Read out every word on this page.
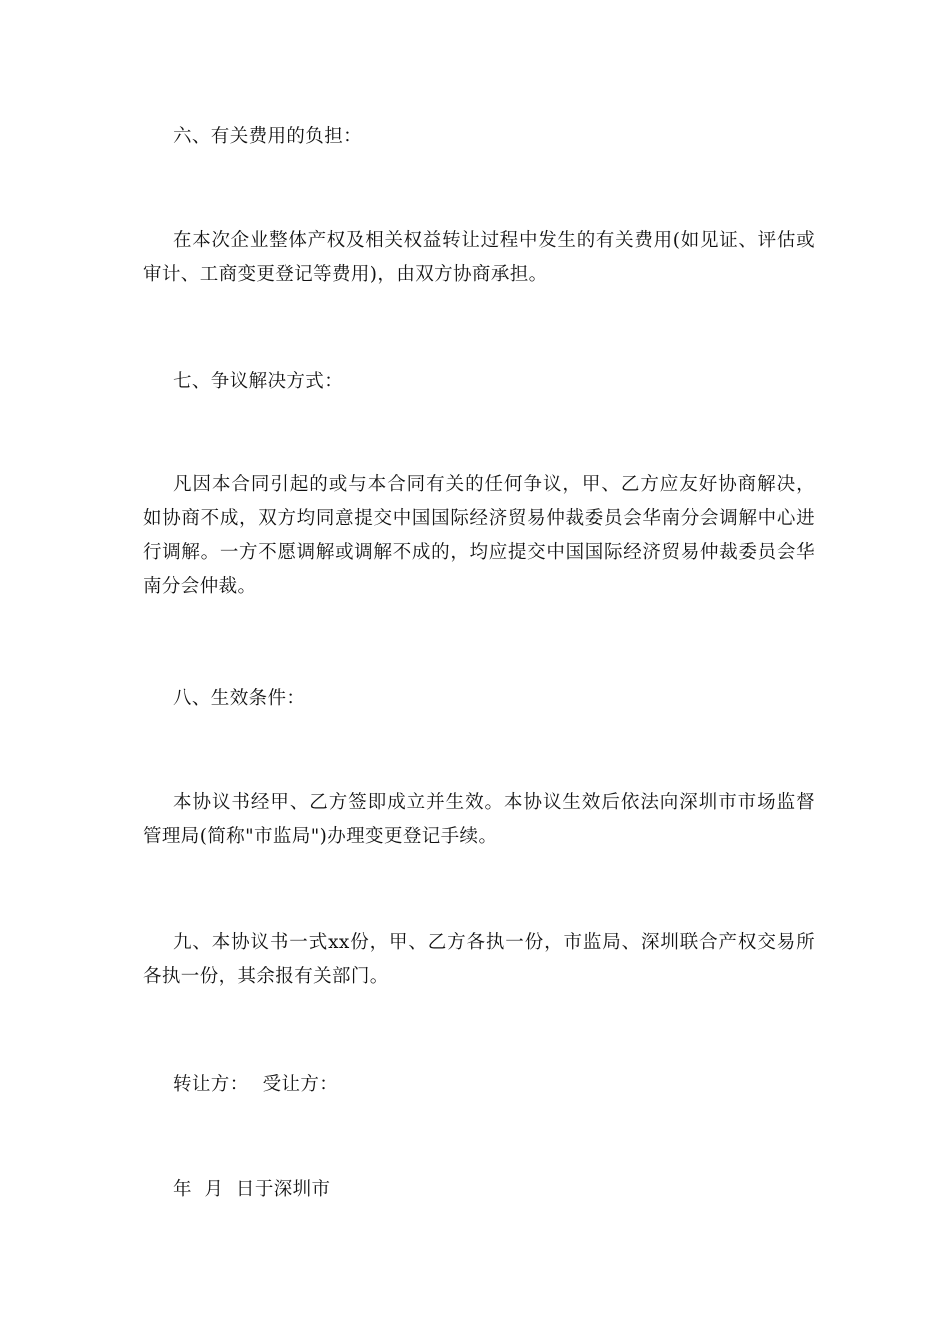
六、有关费用的负担：

在本次企业整体产权及相关权益转让过程中发生的有关费用(如见证、评估或审计、工商变更登记等费用)，由双方协商承担。

七、争议解决方式：

凡因本合同引起的或与本合同有关的任何争议，甲、乙方应友好协商解决，如协商不成，双方均同意提交中国国际经济贸易仲裁委员会华南分会调解中心进行调解。一方不愿调解或调解不成的，均应提交中国国际经济贸易仲裁委员会华南分会仲裁。

八、生效条件：

本协议书经甲、乙方签即成立并生效。本协议生效后依法向深圳市市场监督管理局(简称"市监局")办理变更登记手续。

九、本协议书一式xx份，甲、乙方各执一份，市监局、深圳联合产权交易所各执一份，其余报有关部门。

转让方： 受让方：

年  月  日于深圳市
